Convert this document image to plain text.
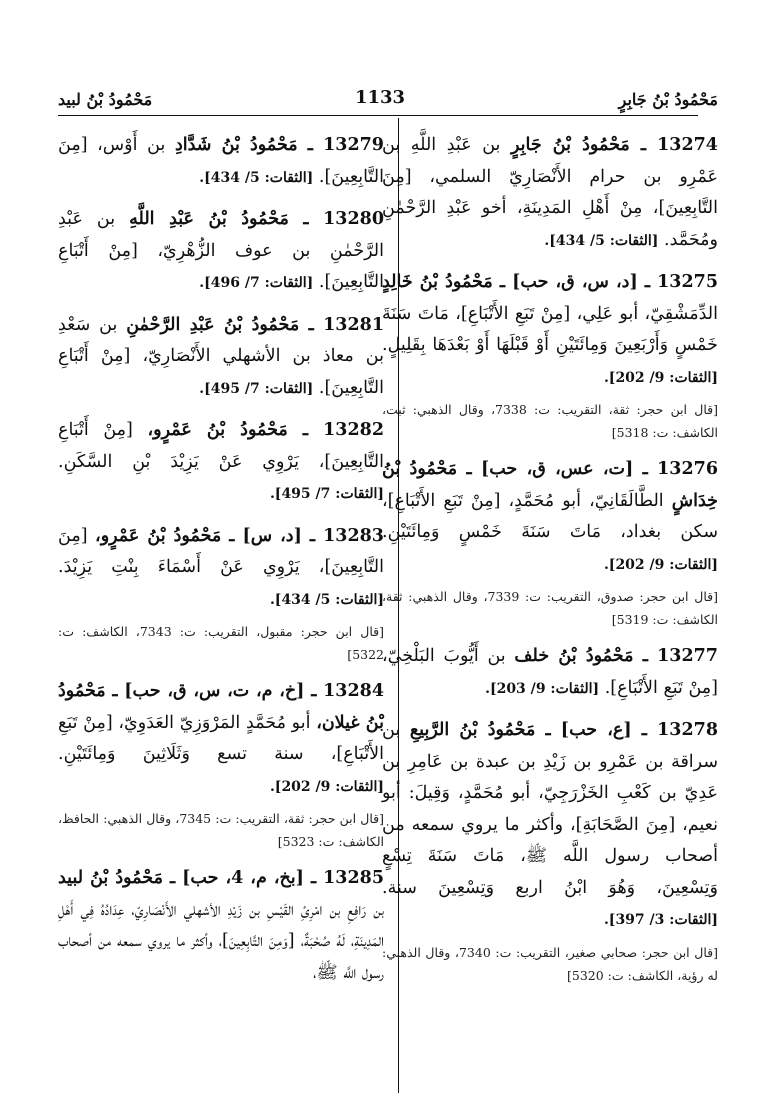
مَحْمُودُ بْنُ جَابِرٍ
1133
مَحْمُودُ بْنُ لبيد

13274 ـ مَحْمُودُ بْنُ جَابِرٍ بن عَبْدِ اللَّهِ بن عَمْرِو بن حرام الأَنْصَارِيّ السلمي، [مِنَ التَّابِعِينَ]، مِنْ أَهْلِ المَدِينَةِ، أخو عَبْدِ الرَّحْمٰنِ ومُحَمَّد. [الثقات: 5/ 434].

13275 ـ [د، س، ق، حب] ـ مَحْمُودُ بْنُ خَالِدٍ الدِّمَشْقِيّ، أبو عَلِي، [مِنْ تَبَعِ الأَتْبَاعِ]، مَاتَ سَنَةَ خَمْسٍ وَأَرْبَعِينَ وَمِائَتَيْنِ أَوْ قَبْلَهَا أَوْ بَعْدَهَا بِقَلِيلٍ. [الثقات: 9/ 202].

[قال ابن حجر: ثقة، التقريب: ت: 7338، وقال الذهبي: ثبت، الكاشف: ت: 5318]

13276 ـ [ت، عس، ق، حب] ـ مَحْمُودُ بْنُ خِدَاشٍ الطَّالَقَانِيّ، أبو مُحَمَّدٍ، [مِنْ تَبَعِ الأَتْبَاعِ]، سكن بغداد، مَاتَ سَنَةَ خَمْسٍ وَمِائَتَيْنِ. [الثقات: 9/ 202].

[قال ابن حجر: صدوق، التقريب: ت: 7339، وقال الذهبي: ثقة، الكاشف: ت: 5319]

13277 ـ مَحْمُودُ بْنُ خلف بن أَيُّوبَ البَلْخِيّ، [مِنْ تَبَعِ الأَتْبَاعِ]. [الثقات: 9/ 203].

13278 ـ [ع، حب] ـ مَحْمُودُ بْنُ الرَّبِيعِ بن سراقة بن عَمْرِو بن زَيْدِ بن عبدة بن عَامِرِ بن عَدِيّ بن كَعْبِ الخَزْرَجِيّ، أبو مُحَمَّدٍ، وَقِيلَ: أبو نعيم، [مِنَ الصَّحَابَةِ]، وأكثر ما يروي سمعه من أصحاب رسول اللَّه ﷺ، مَاتَ سَنَةَ تِسْعٍ وَتِسْعِينَ، وَهُوَ ابْنُ اربع وَتِسْعِينَ سنة. [الثقات: 3/ 397].

[قال ابن حجر: صحابي صغير، التقريب: ت: 7340، وقال الذهبي: له رؤية، الكاشف: ت: 5320]

13279 ـ مَحْمُودُ بْنُ شَدَّادِ بن أَوْس، [مِنَ التَّابِعِينَ]. [الثقات: 5/ 434].

13280 ـ مَحْمُودُ بْنُ عَبْدِ اللَّهِ بن عَبْدِ الرَّحْمٰنِ بن عوف الزُّهْرِيّ، [مِنْ أَتْبَاعِ التَّابِعِينَ]. [الثقات: 7/ 496].

13281 ـ مَحْمُودُ بْنُ عَبْدِ الرَّحْمٰنِ بن سَعْدِ بن معاذ بن الأشهلي الأَنْصَارِيّ، [مِنْ أَتْبَاعِ التَّابِعِينَ]. [الثقات: 7/ 495].

13282 ـ مَحْمُودُ بْنُ عَمْرٍو، [مِنْ أَتْبَاعِ التَّابِعِينَ]، يَرْوِي عَنْ يَزِيْدَ بْنِ السَّكَنِ. [الثقات: 7/ 495].

13283 ـ [د، س] ـ مَحْمُودُ بْنُ عَمْرٍو، [مِنَ التَّابِعِينَ]، يَرْوِي عَنْ أَسْمَاءَ بِنْتِ يَزِيْدَ. [الثقات: 5/ 434].

[قال ابن حجر: مقبول، التقريب: ت: 7343، الكاشف: ت: 5322]

13284 ـ [خ، م، ت، س، ق، حب] ـ مَحْمُودُ بْنُ غيلان، أبو مُحَمَّدٍ المَرْوَزِيّ العَدَوِيّ، [مِنْ تَبَعِ الأَتْبَاعِ]، سنة تسع وَثَلَاثِينَ وَمِائَتَيْنِ. [الثقات: 9/ 202].

[قال ابن حجر: ثقة، التقريب: ت: 7345، وقال الذهبي: الحافظ، الكاشف: ت: 5323]

13285 ـ [بخ، م، 4، حب] ـ مَحْمُودُ بْنُ لبيد بن رَافِعِ بن امْرِئِ القَيْسِ بن زَيْدِ الأشهلي الأَنْصَارِيّ، عِدَادُهُ فِي أَهْلِ المَدِينَةِ، لَهُ صُحْبَةٌ، [وَمِنَ التَّابِعِينَ]، وأكثر ما يروي سمعه من أصحاب رسول اللَّه ﷺ،
